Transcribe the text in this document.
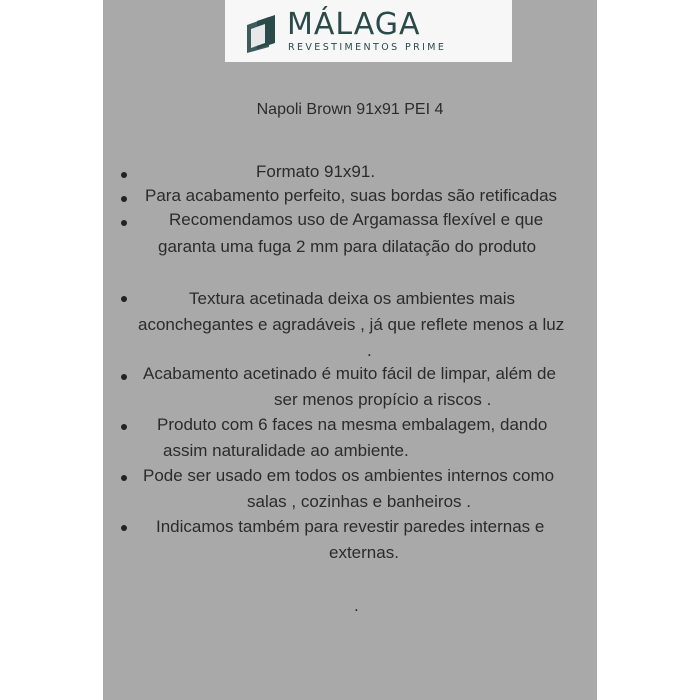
MÁLAGA
REVESTIMENTOS PRIME
Napoli Brown 91x91 PEI 4
Formato 91x91.
Para acabamento perfeito, suas bordas são retificadas
Recomendamos uso de Argamassa flexível e que
garanta uma fuga 2 mm para dilatação do produto
Textura acetinada deixa os ambientes mais
aconchegantes e agradáveis , já que reflete menos a luz
.
Acabamento acetinado é muito fácil de limpar, além de
ser menos propício a riscos .
Produto com 6 faces na mesma embalagem, dando
assim naturalidade ao ambiente.
Pode ser usado em todos os ambientes internos como
salas , cozinhas e banheiros .
Indicamos também para revestir paredes internas e
externas.
.
